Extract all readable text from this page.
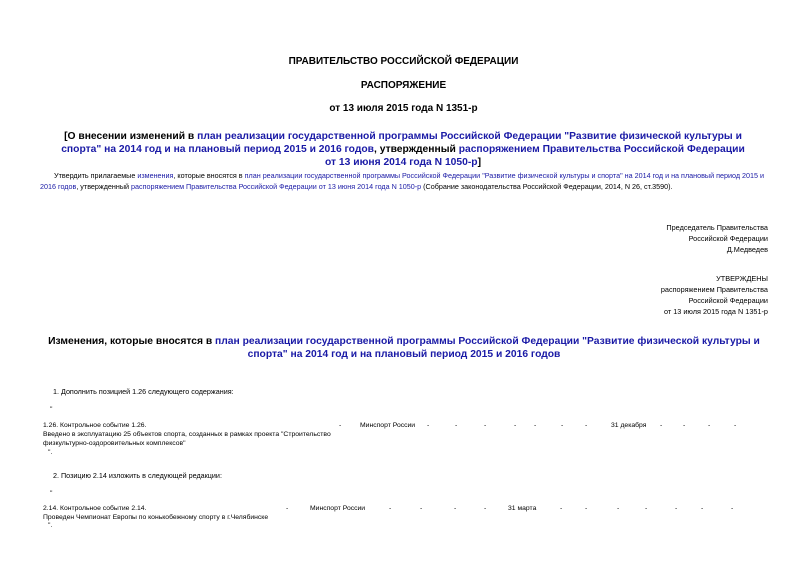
ПРАВИТЕЛЬСТВО РОССИЙСКОЙ ФЕДЕРАЦИИ
РАСПОРЯЖЕНИЕ
от 13 июля 2015 года N 1351-р
[О внесении изменений в план реализации государственной программы Российской Федерации "Развитие физической культуры и спорта" на 2014 год и на плановый период 2015 и 2016 годов, утвержденный распоряжением Правительства Российской Федерации от 13 июня 2014 года N 1050-р]
Утвердить прилагаемые изменения, которые вносятся в план реализации государственной программы Российской Федерации "Развитие физической культуры и спорта" на 2014 год и на плановый период 2015 и 2016 годов, утвержденный распоряжением Правительства Российской Федерации от 13 июня 2014 года N 1050-р (Собрание законодательства Российской Федерации, 2014, N 26, ст.3590).
Председатель Правительства
Российской Федерации
Д.Медведев
УТВЕРЖДЕНЫ
распоряжением Правительства
Российской Федерации
от 13 июля 2015 года N 1351-р
Изменения, которые вносятся в план реализации государственной программы Российской Федерации "Развитие физической культуры и спорта" на 2014 год и на плановый период 2015 и 2016 годов
1. Дополнить позицией 1.26 следующего содержания:
"
1.26. Контрольное событие 1.26.
Введено в эксплуатацию 25 объектов спорта, созданных в рамках проекта "Строительство
физкультурно-оздоровительных комплексов"
-	Минспорт России -	-	-	-	-	-	-	31 декабря -	-	-	-
".
2. Позицию 2.14 изложить в следующей редакции:
"
2.14. Контрольное событие 2.14.
Проведен Чемпионат Европы по конькобежному спорту в г.Челябинске
-	Минспорт России	-	-	-	-	31 марта	-	-	-	-	-	-	-
".
